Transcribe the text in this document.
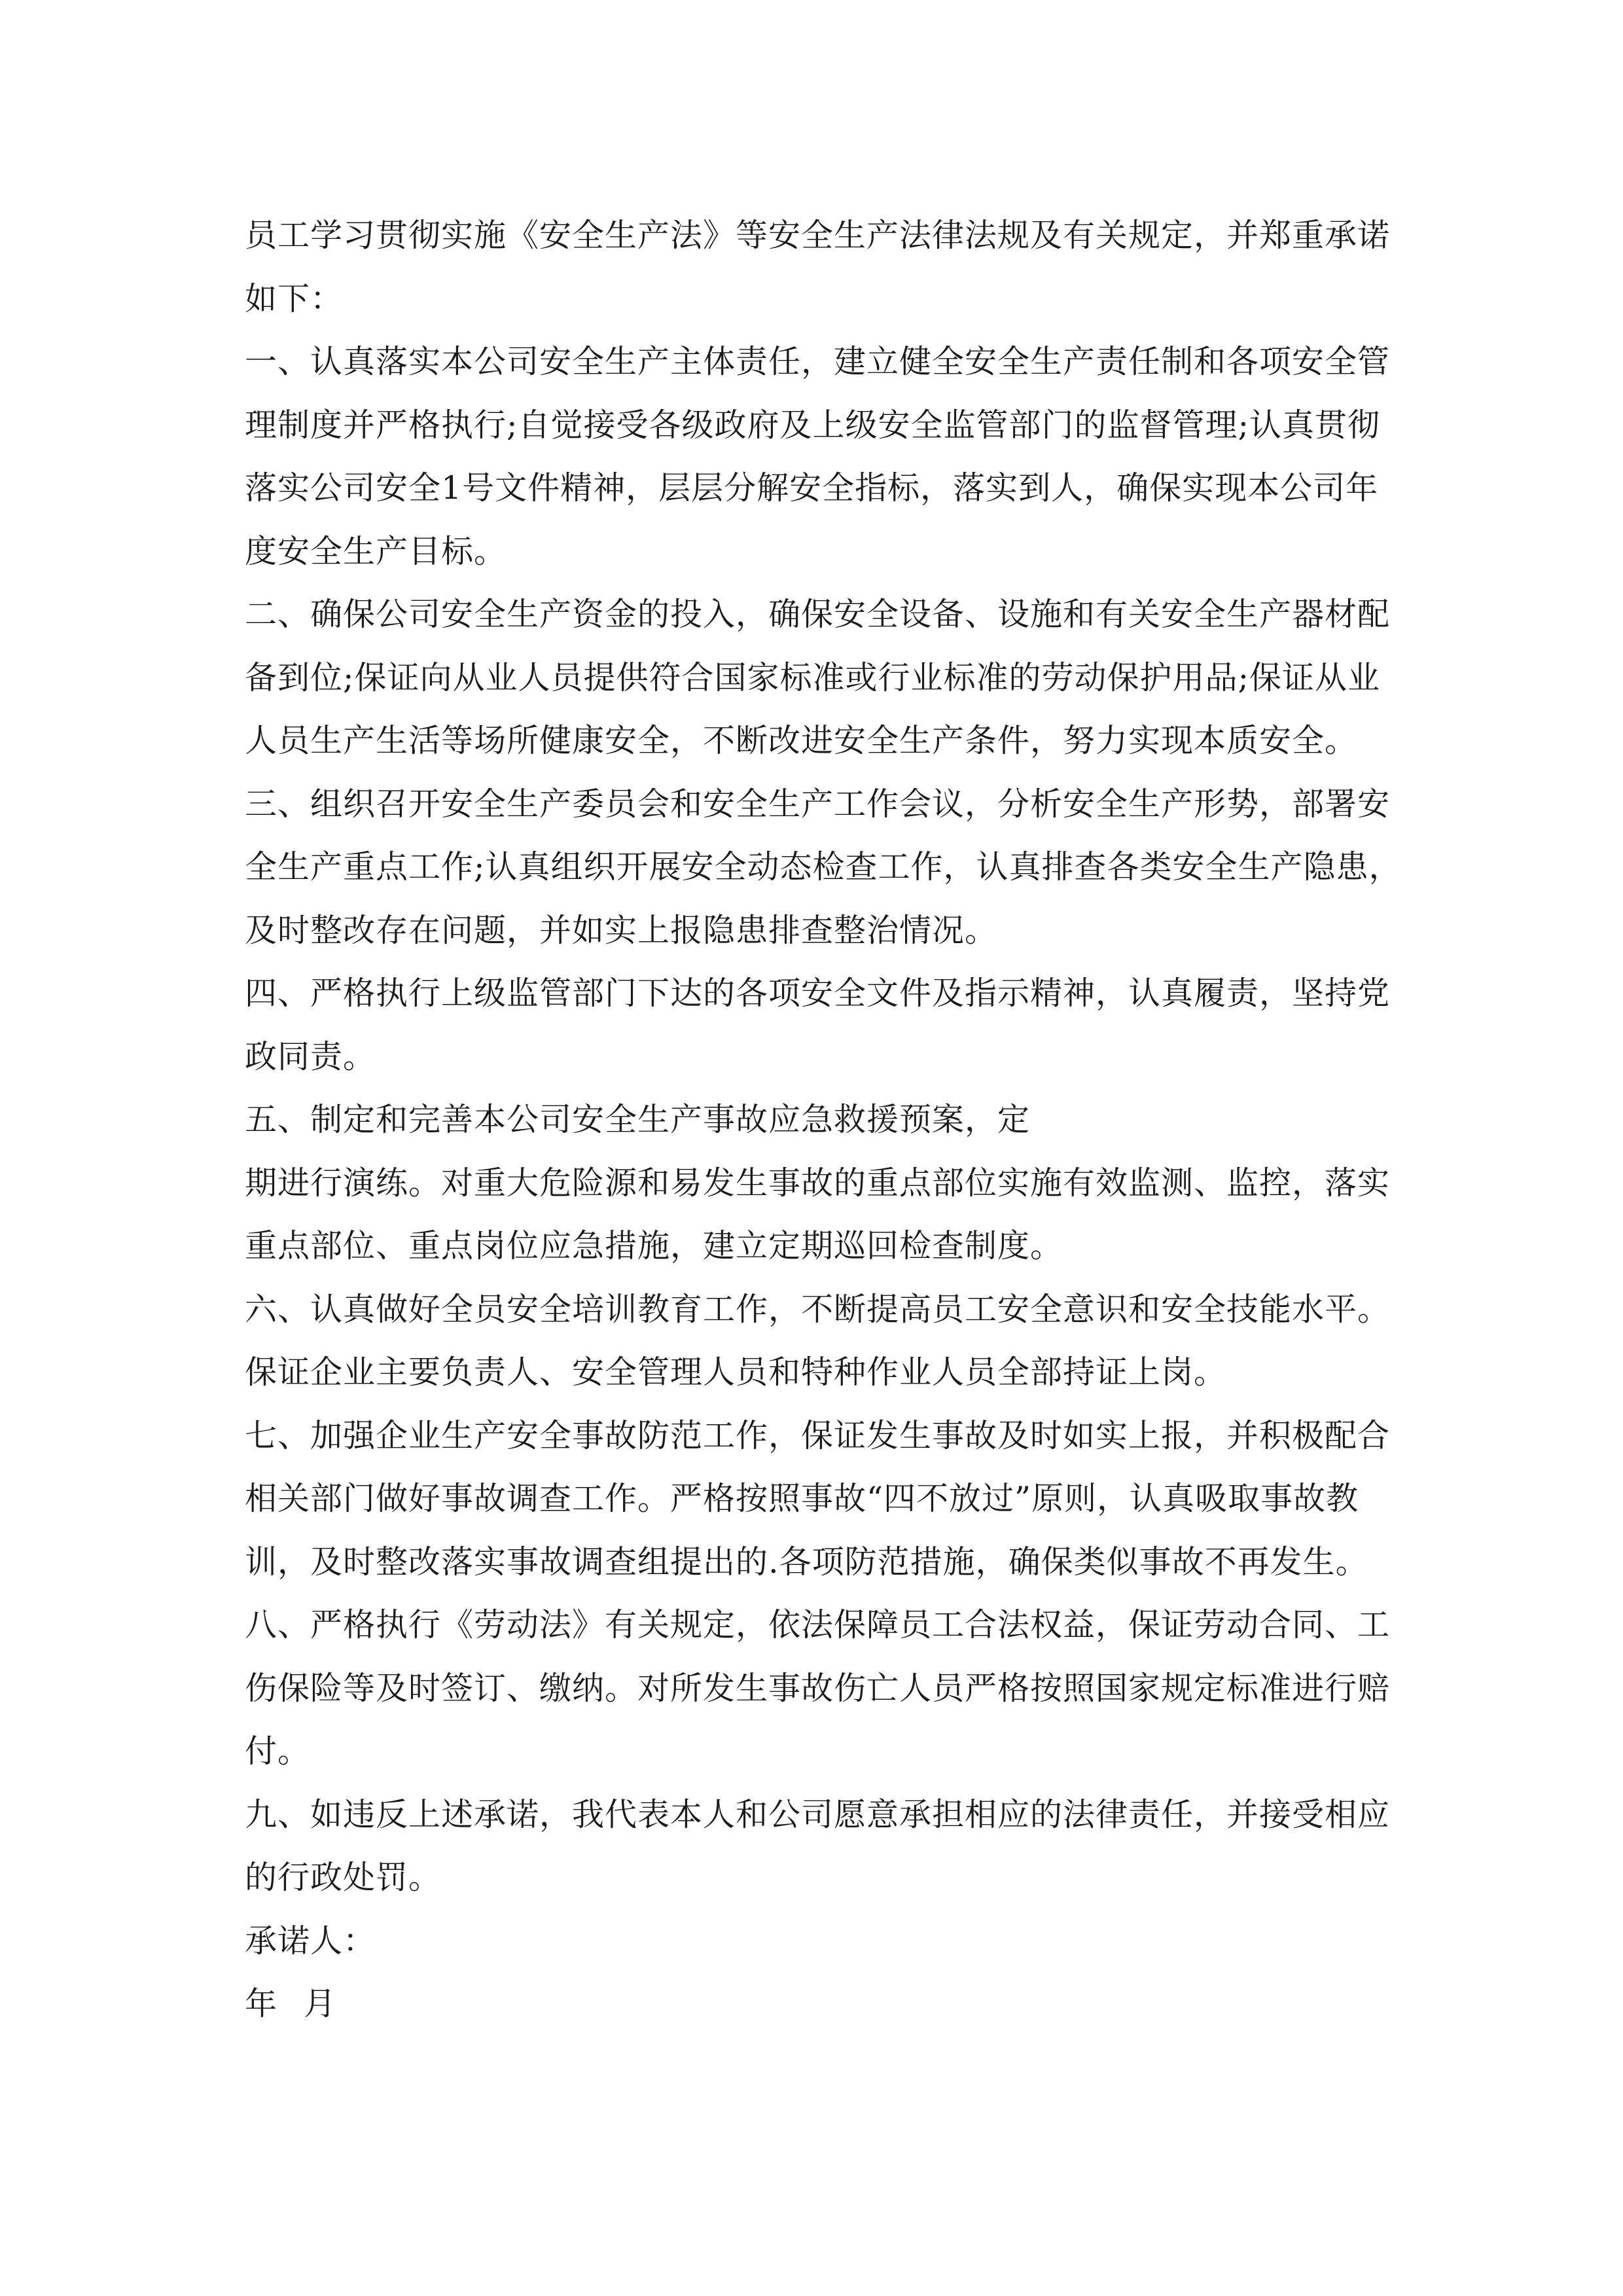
员工学习贯彻实施《安全生产法》等安全生产法律法规及有关规定，并郑重承诺如下：

一、认真落实本公司安全生产主体责任，建立健全安全生产责任制和各项安全管理制度并严格执行;自觉接受各级政府及上级安全监管部门的监督管理;认真贯彻落实公司安全1号文件精神，层层分解安全指标，落实到人，确保实现本公司年度安全生产目标。

二、确保公司安全生产资金的投入，确保安全设备、设施和有关安全生产器材配备到位;保证向从业人员提供符合国家标准或行业标准的劳动保护用品;保证从业人员生产生活等场所健康安全，不断改进安全生产条件，努力实现本质安全。

三、组织召开安全生产委员会和安全生产工作会议，分析安全生产形势，部署安全生产重点工作;认真组织开展安全动态检查工作，认真排查各类安全生产隐患，及时整改存在问题，并如实上报隐患排查整治情况。

四、严格执行上级监管部门下达的各项安全文件及指示精神，认真履责，坚持党政同责。

五、制定和完善本公司安全生产事故应急救援预案，定

期进行演练。对重大危险源和易发生事故的重点部位实施有效监测、监控，落实重点部位、重点岗位应急措施，建立定期巡回检查制度。

六、认真做好全员安全培训教育工作，不断提高员工安全意识和安全技能水平。保证企业主要负责人、安全管理人员和特种作业人员全部持证上岗。

七、加强企业生产安全事故防范工作，保证发生事故及时如实上报，并积极配合相关部门做好事故调查工作。严格按照事故“四不放过”原则，认真吸取事故教训，及时整改落实事故调查组提出的.各项防范措施，确保类似事故不再发生。

八、严格执行《劳动法》有关规定，依法保障员工合法权益，保证劳动合同、工伤保险等及时签订、缴纳。对所发生事故伤亡人员严格按照国家规定标准进行赔付。

九、如违反上述承诺，我代表本人和公司愿意承担相应的法律责任，并接受相应的行政处罚。

承诺人：

年 月
